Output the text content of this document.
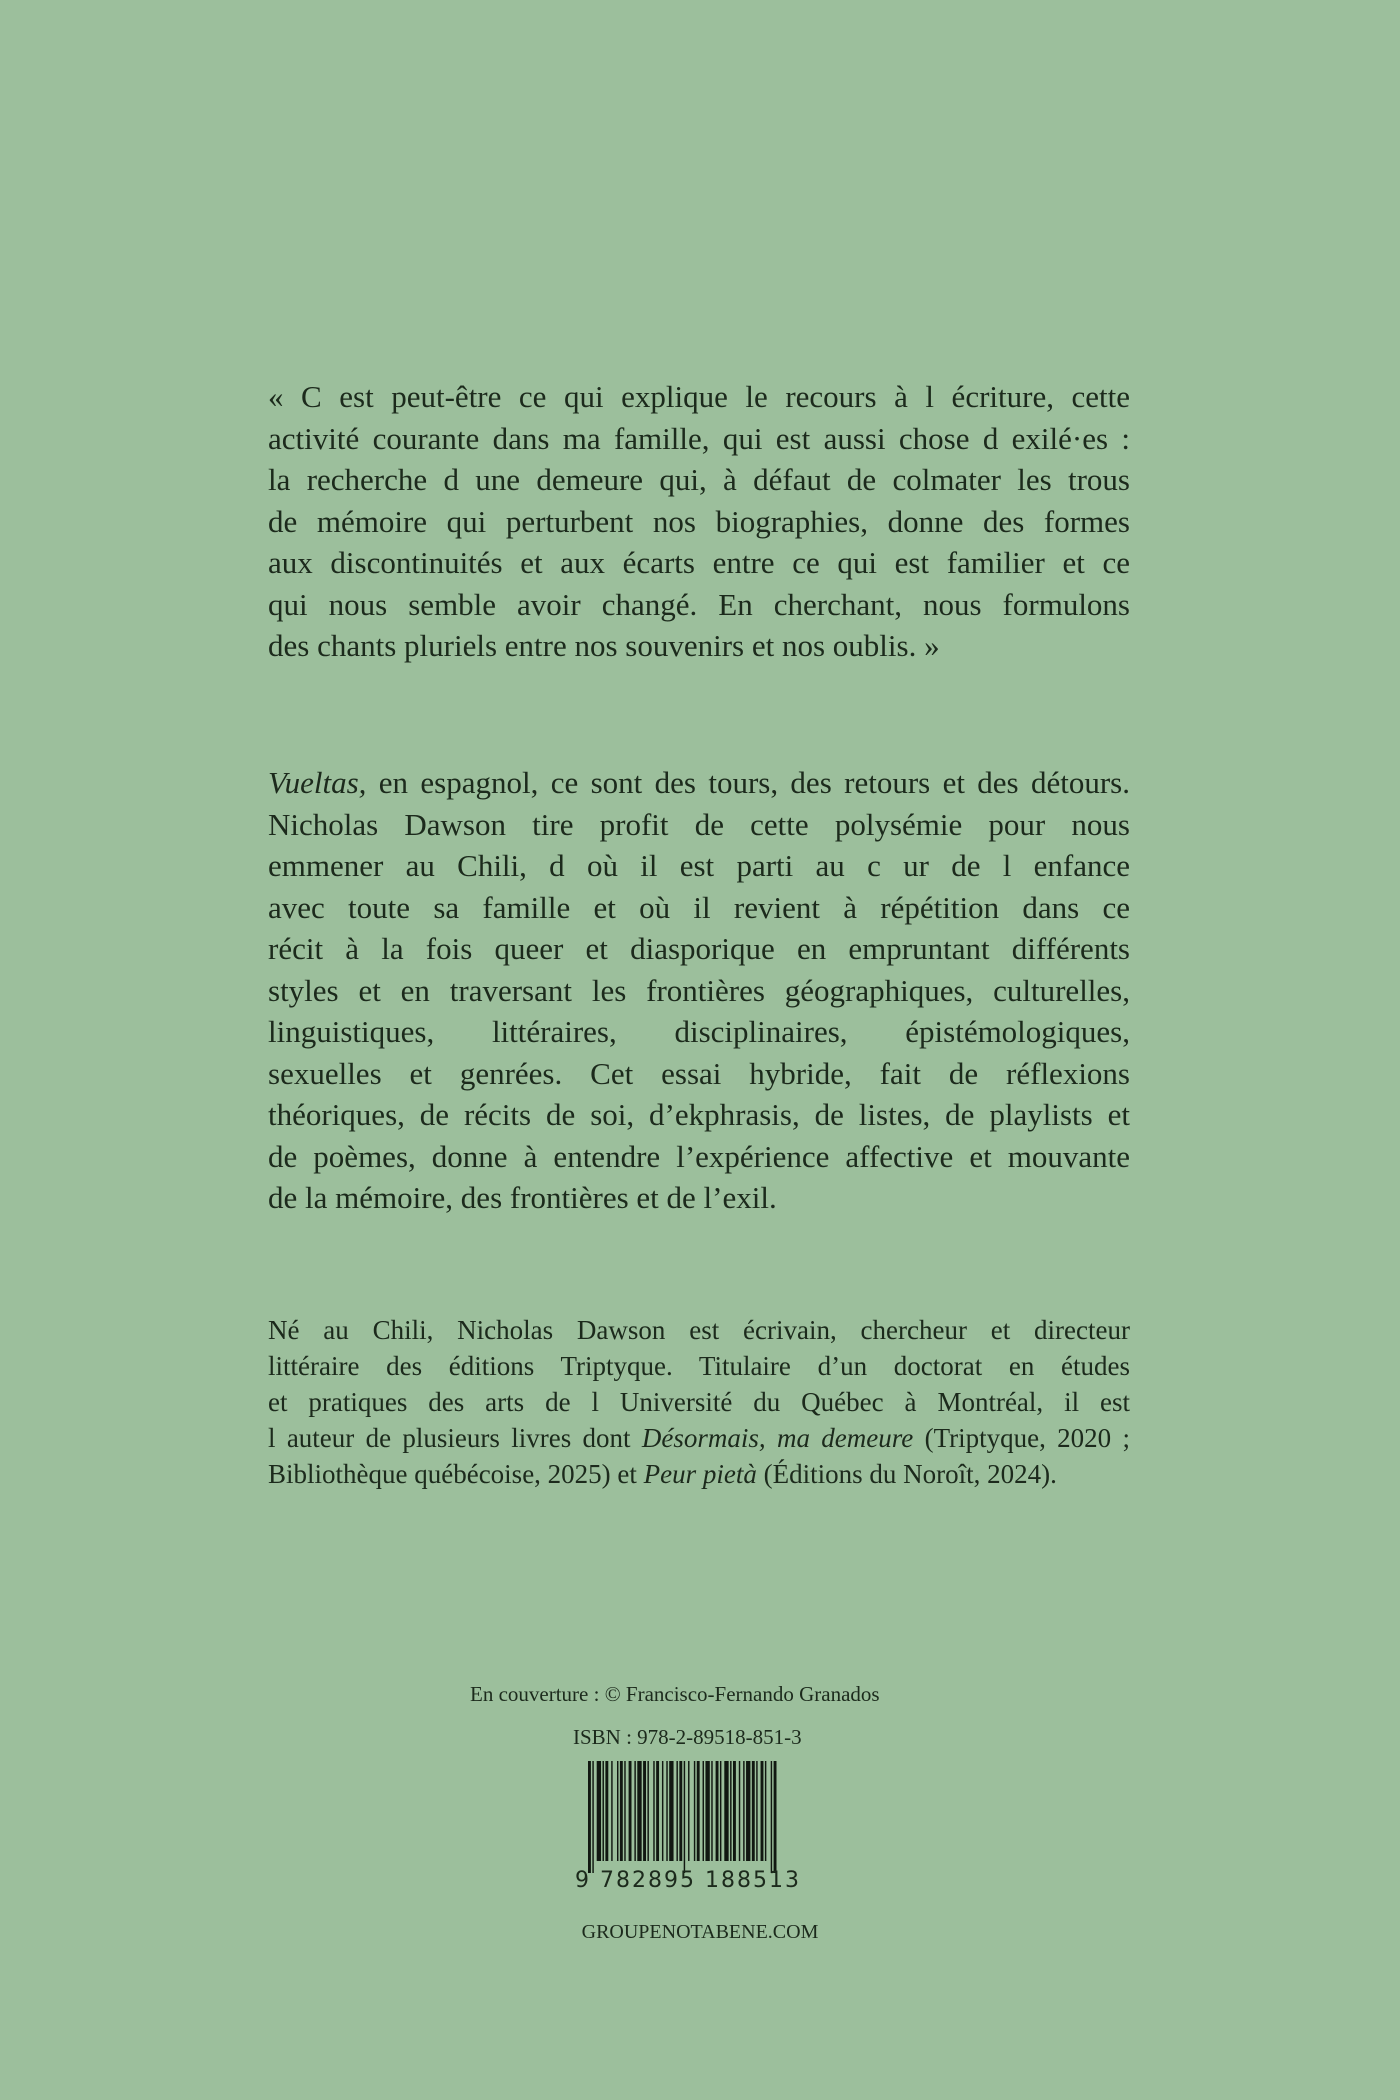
« C est peut-être ce qui explique le recours à l écriture, cette
activité courante dans ma famille, qui est aussi chose d exilé·es :
la recherche d une demeure qui, à défaut de colmater les trous
de mémoire qui perturbent nos biographies, donne des formes
aux discontinuités et aux écarts entre ce qui est familier et ce
qui nous semble avoir changé. En cherchant, nous formulons
des chants pluriels entre nos souvenirs et nos oublis. »
Vueltas, en espagnol, ce sont des tours, des retours et des détours.
Nicholas Dawson tire profit de cette polysémie pour nous
emmener au Chili, d où il est parti au c ur de l enfance
avec toute sa famille et où il revient à répétition dans ce
récit à la fois queer et diasporique en empruntant différents
styles et en traversant les frontières géographiques, culturelles,
linguistiques, littéraires, disciplinaires, épistémologiques,
sexuelles et genrées. Cet essai hybride, fait de réflexions
théoriques, de récits de soi, d’ekphrasis, de listes, de playlists et
de poèmes, donne à entendre l’expérience affective et mouvante
de la mémoire, des frontières et de l’exil.
Né au Chili, Nicholas Dawson est écrivain, chercheur et directeur
littéraire des éditions Triptyque. Titulaire d’un doctorat en études
et pratiques des arts de l Université du Québec à Montréal, il est
l auteur de plusieurs livres dont Désormais, ma demeure (Triptyque, 2020 ;
Bibliothèque québécoise, 2025) et Peur pietà (Éditions du Noroît, 2024).
En couverture : © Francisco-Fernando Granados
ISBN : 978-2-89518-851-3
9 782895 188513
GROUPENOTABENE.COM
